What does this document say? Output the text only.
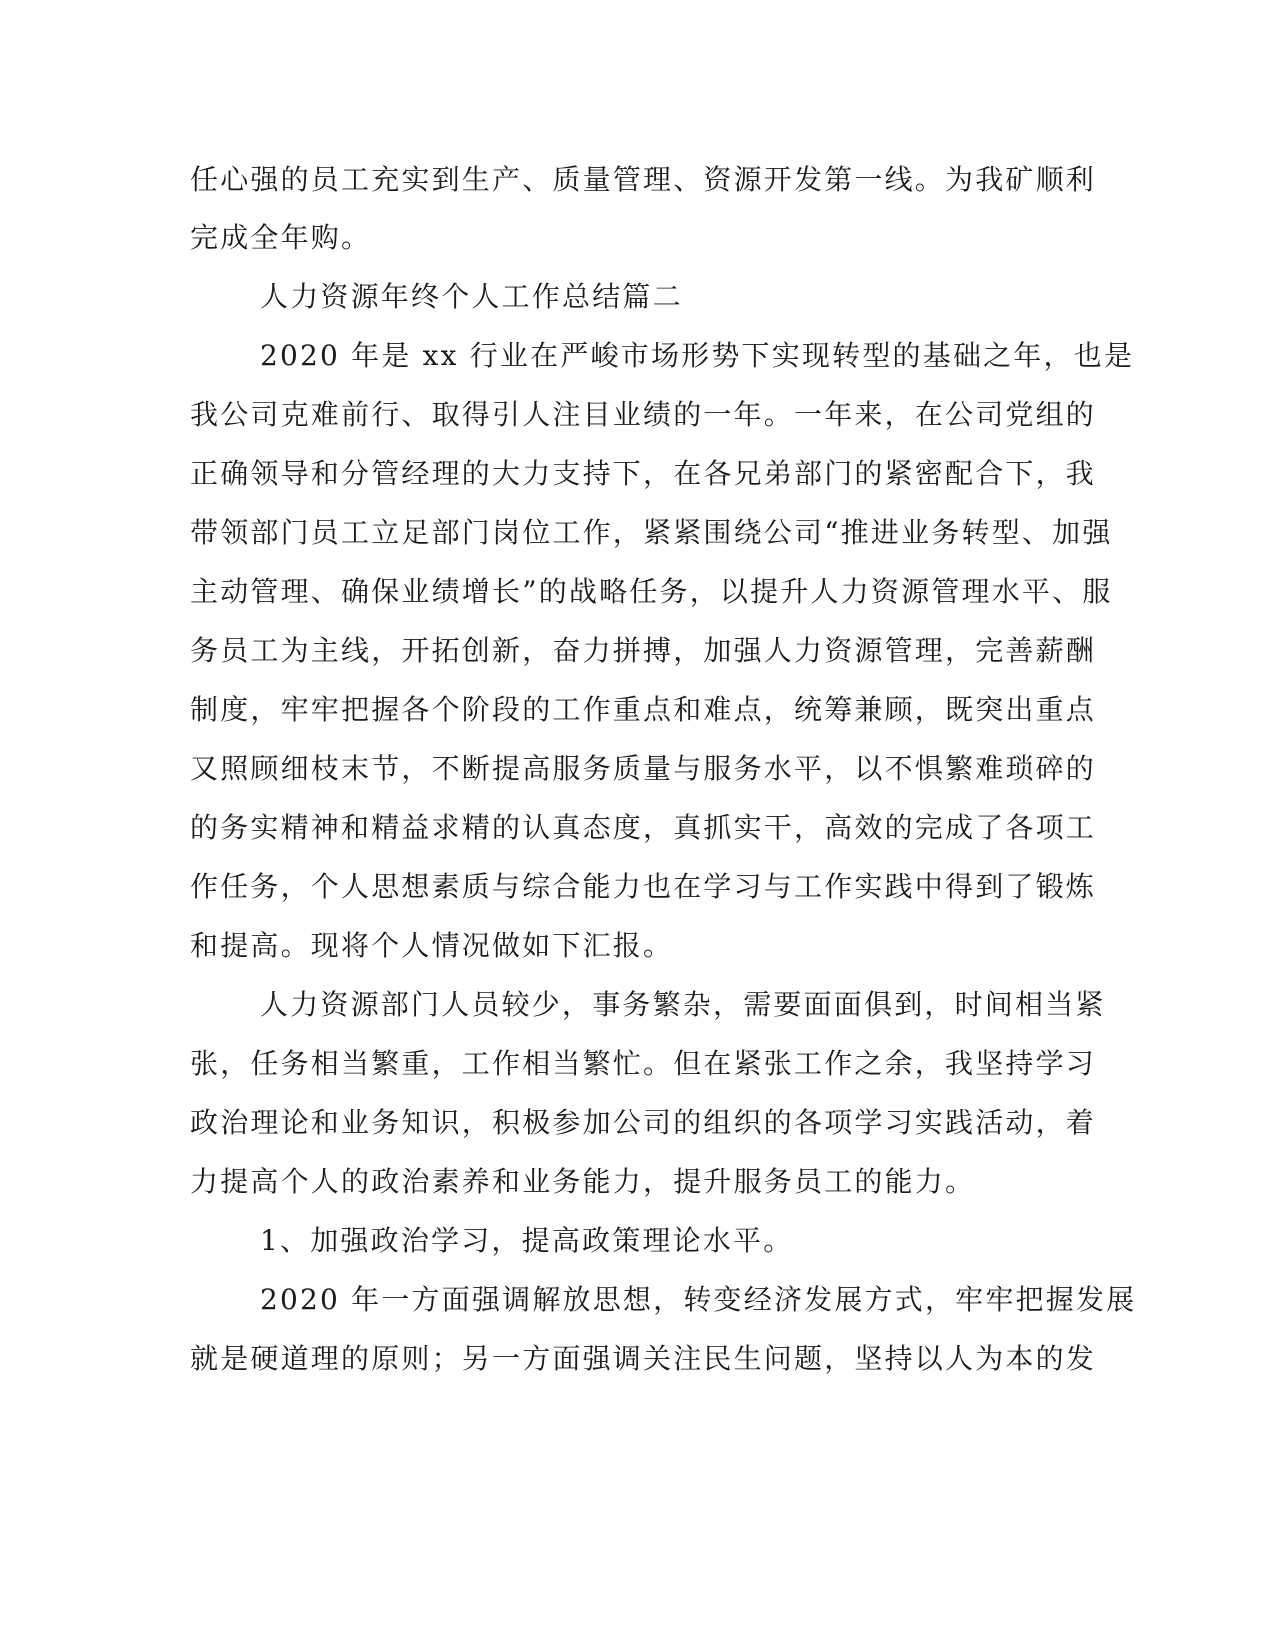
任心强的员工充实到生产、质量管理、资源开发第一线。为我矿顺利
完成全年购。
人力资源年终个人工作总结篇二
2020 年是 xx 行业在严峻市场形势下实现转型的基础之年，也是
我公司克难前行、取得引人注目业绩的一年。一年来，在公司党组的
正确领导和分管经理的大力支持下，在各兄弟部门的紧密配合下，我
带领部门员工立足部门岗位工作，紧紧围绕公司“推进业务转型、加强
主动管理、确保业绩增长”的战略任务，以提升人力资源管理水平、服
务员工为主线，开拓创新，奋力拼搏，加强人力资源管理，完善薪酬
制度，牢牢把握各个阶段的工作重点和难点，统筹兼顾，既突出重点
又照顾细枝末节，不断提高服务质量与服务水平，以不惧繁难琐碎的
的务实精神和精益求精的认真态度，真抓实干，高效的完成了各项工
作任务，个人思想素质与综合能力也在学习与工作实践中得到了锻炼
和提高。现将个人情况做如下汇报。
人力资源部门人员较少，事务繁杂，需要面面俱到，时间相当紧
张，任务相当繁重，工作相当繁忙。但在紧张工作之余，我坚持学习
政治理论和业务知识，积极参加公司的组织的各项学习实践活动，着
力提高个人的政治素养和业务能力，提升服务员工的能力。
1、加强政治学习，提高政策理论水平。
2020 年一方面强调解放思想，转变经济发展方式，牢牢把握发展
就是硬道理的原则；另一方面强调关注民生问题，坚持以人为本的发
